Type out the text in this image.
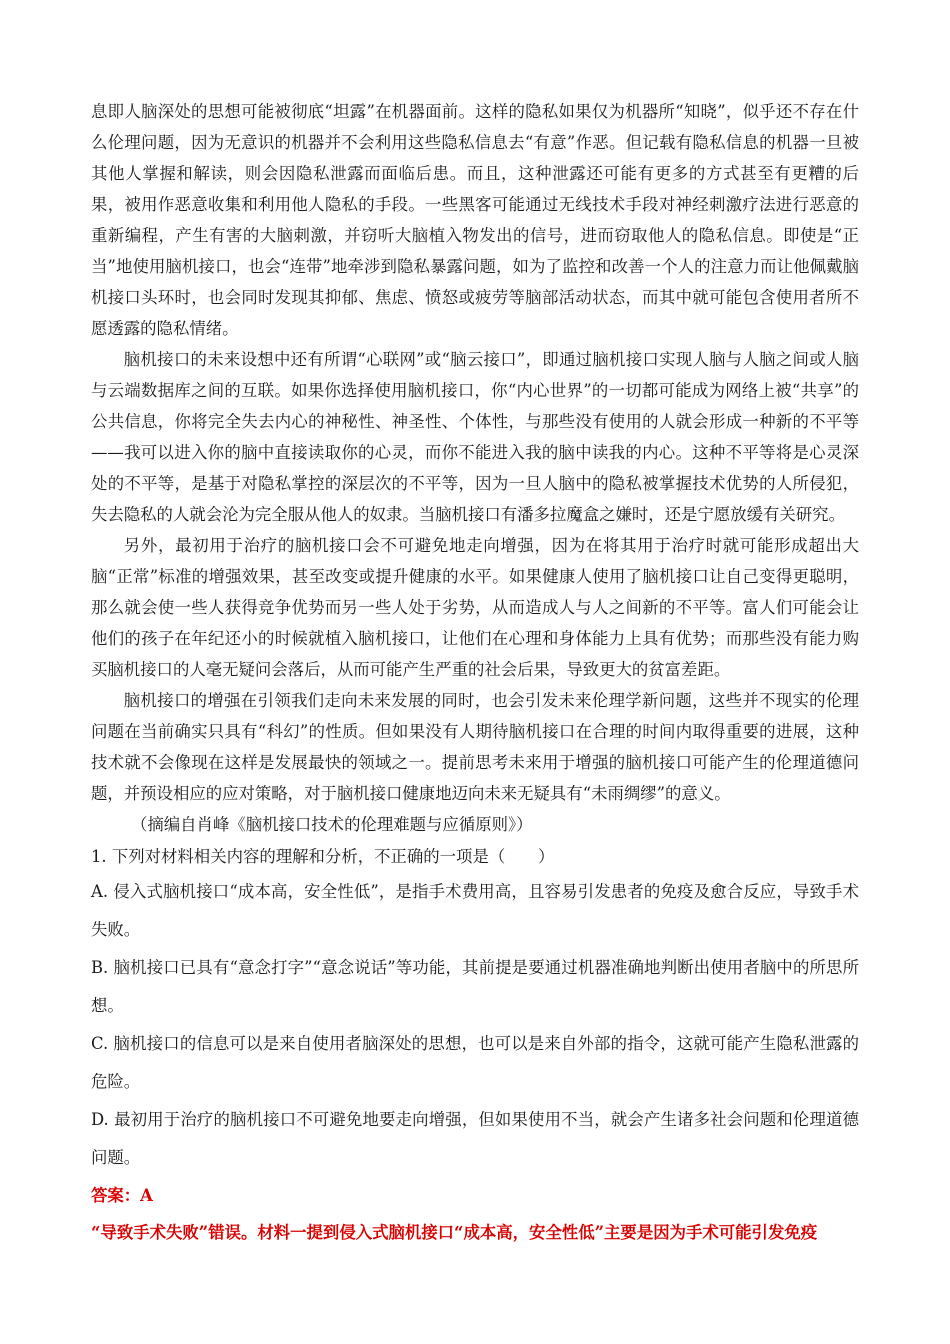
息即人脑深处的思想可能被彻底“坦露”在机器面前。这样的隐私如果仅为机器所“知晓”，似乎还不存在什么伦理问题，因为无意识的机器并不会利用这些隐私信息去“有意”作恶。但记载有隐私信息的机器一旦被其他人掌握和解读，则会因隐私泄露而面临后患。而且，这种泄露还可能有更多的方式甚至有更糟的后果，被用作恶意收集和利用他人隐私的手段。一些黑客可能通过无线技术手段对神经刺激疗法进行恶意的重新编程，产生有害的大脑刺激，并窃听大脑植入物发出的信号，进而窃取他人的隐私信息。即使是“正当”地使用脑机接口，也会“连带”地牵涉到隐私暴露问题，如为了监控和改善一个人的注意力而让他佩戴脑机接口头环时，也会同时发现其抑郁、焦虑、愤怒或疲劳等脑部活动状态，而其中就可能包含使用者所不愿透露的隐私情绪。

脑机接口的未来设想中还有所谓“心联网”或“脑云接口”，即通过脑机接口实现人脑与人脑之间或人脑与云端数据库之间的互联。如果你选择使用脑机接口，你“内心世界”的一切都可能成为网络上被“共享”的公共信息，你将完全失去内心的神秘性、神圣性、个体性，与那些没有使用的人就会形成一种新的不平等——我可以进入你的脑中直接读取你的心灵，而你不能进入我的脑中读我的内心。这种不平等将是心灵深处的不平等，是基于对隐私掌控的深层次的不平等，因为一旦人脑中的隐私被掌握技术优势的人所侵犯，失去隐私的人就会沦为完全服从他人的奴隶。当脑机接口有潘多拉魔盒之嫌时，还是宁愿放缓有关研究。

另外，最初用于治疗的脑机接口会不可避免地走向增强，因为在将其用于治疗时就可能形成超出大脑“正常”标准的增强效果，甚至改变或提升健康的水平。如果健康人使用了脑机接口让自己变得更聪明，那么就会使一些人获得竞争优势而另一些人处于劣势，从而造成人与人之间新的不平等。富人们可能会让他们的孩子在年纪还小的时候就植入脑机接口，让他们在心理和身体能力上具有优势；而那些没有能力购买脑机接口的人毫无疑问会落后，从而可能产生严重的社会后果，导致更大的贫富差距。

脑机接口的增强在引领我们走向未来发展的同时，也会引发未来伦理学新问题，这些并不现实的伦理问题在当前确实只具有“科幻”的性质。但如果没有人期待脑机接口在合理的时间内取得重要的进展，这种技术就不会像现在这样是发展最快的领域之一。提前思考未来用于增强的脑机接口可能产生的伦理道德问题，并预设相应的应对策略，对于脑机接口健康地迈向未来无疑具有“未雨绸缪”的意义。

（摘编自肖峰《脑机接口技术的伦理难题与应循原则》）

1. 下列对材料相关内容的理解和分析，不正确的一项是（　　）

A. 侵入式脑机接口“成本高，安全性低”，是指手术费用高，且容易引发患者的免疫及愈合反应，导致手术失败。

B. 脑机接口已具有“意念打字”“意念说话”等功能，其前提是要通过机器准确地判断出使用者脑中的所思所想。

C. 脑机接口的信息可以是来自使用者脑深处的思想，也可以是来自外部的指令，这就可能产生隐私泄露的危险。

D. 最初用于治疗的脑机接口不可避免地要走向增强，但如果使用不当，就会产生诸多社会问题和伦理道德问题。

答案：A

“导致手术失败”错误。材料一提到侵入式脑机接口“成本高，安全性低”主要是因为手术可能引发免疫
